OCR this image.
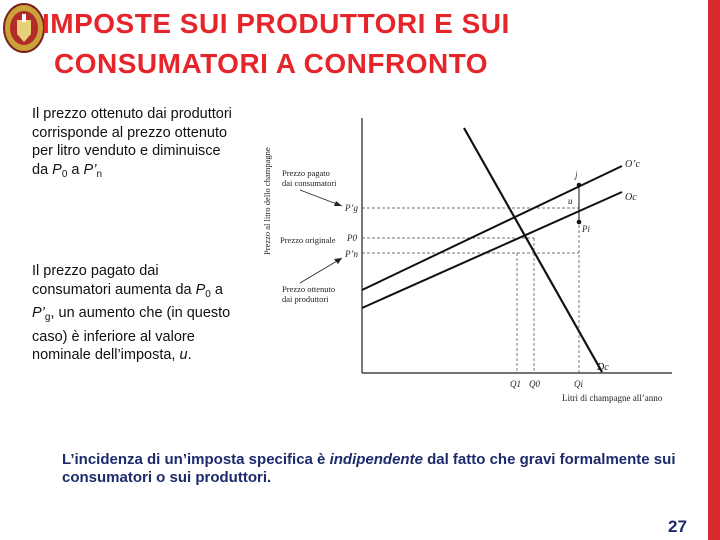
IMPOSTE SUI PRODUTTORI E SUI
CONSUMATORI A CONFRONTO
Il prezzo ottenuto dai produttori corrisponde al prezzo ottenuto per litro venduto e diminuisce da $P_0$ a $P’_n$
Il prezzo pagato dai consumatori aumenta da $P_0$ a $P’_g$, un aumento che (in questo caso) è inferiore al valore nominale dell’imposta, u.
Prezzo al litro dello champagne
Litri di champagne all’anno
O’c
Oc
Dc
j
u
Pi
P’g
P0
P’n
Q1 Q0	Qi
Prezzo pagato
dai consumatori
Prezzo originale
Prezzo ottenuto
dai produttori
L’incidenza di un’imposta specifica è indipendente dal fatto che gravi formalmente sui consumatori o sui produttori.
27
